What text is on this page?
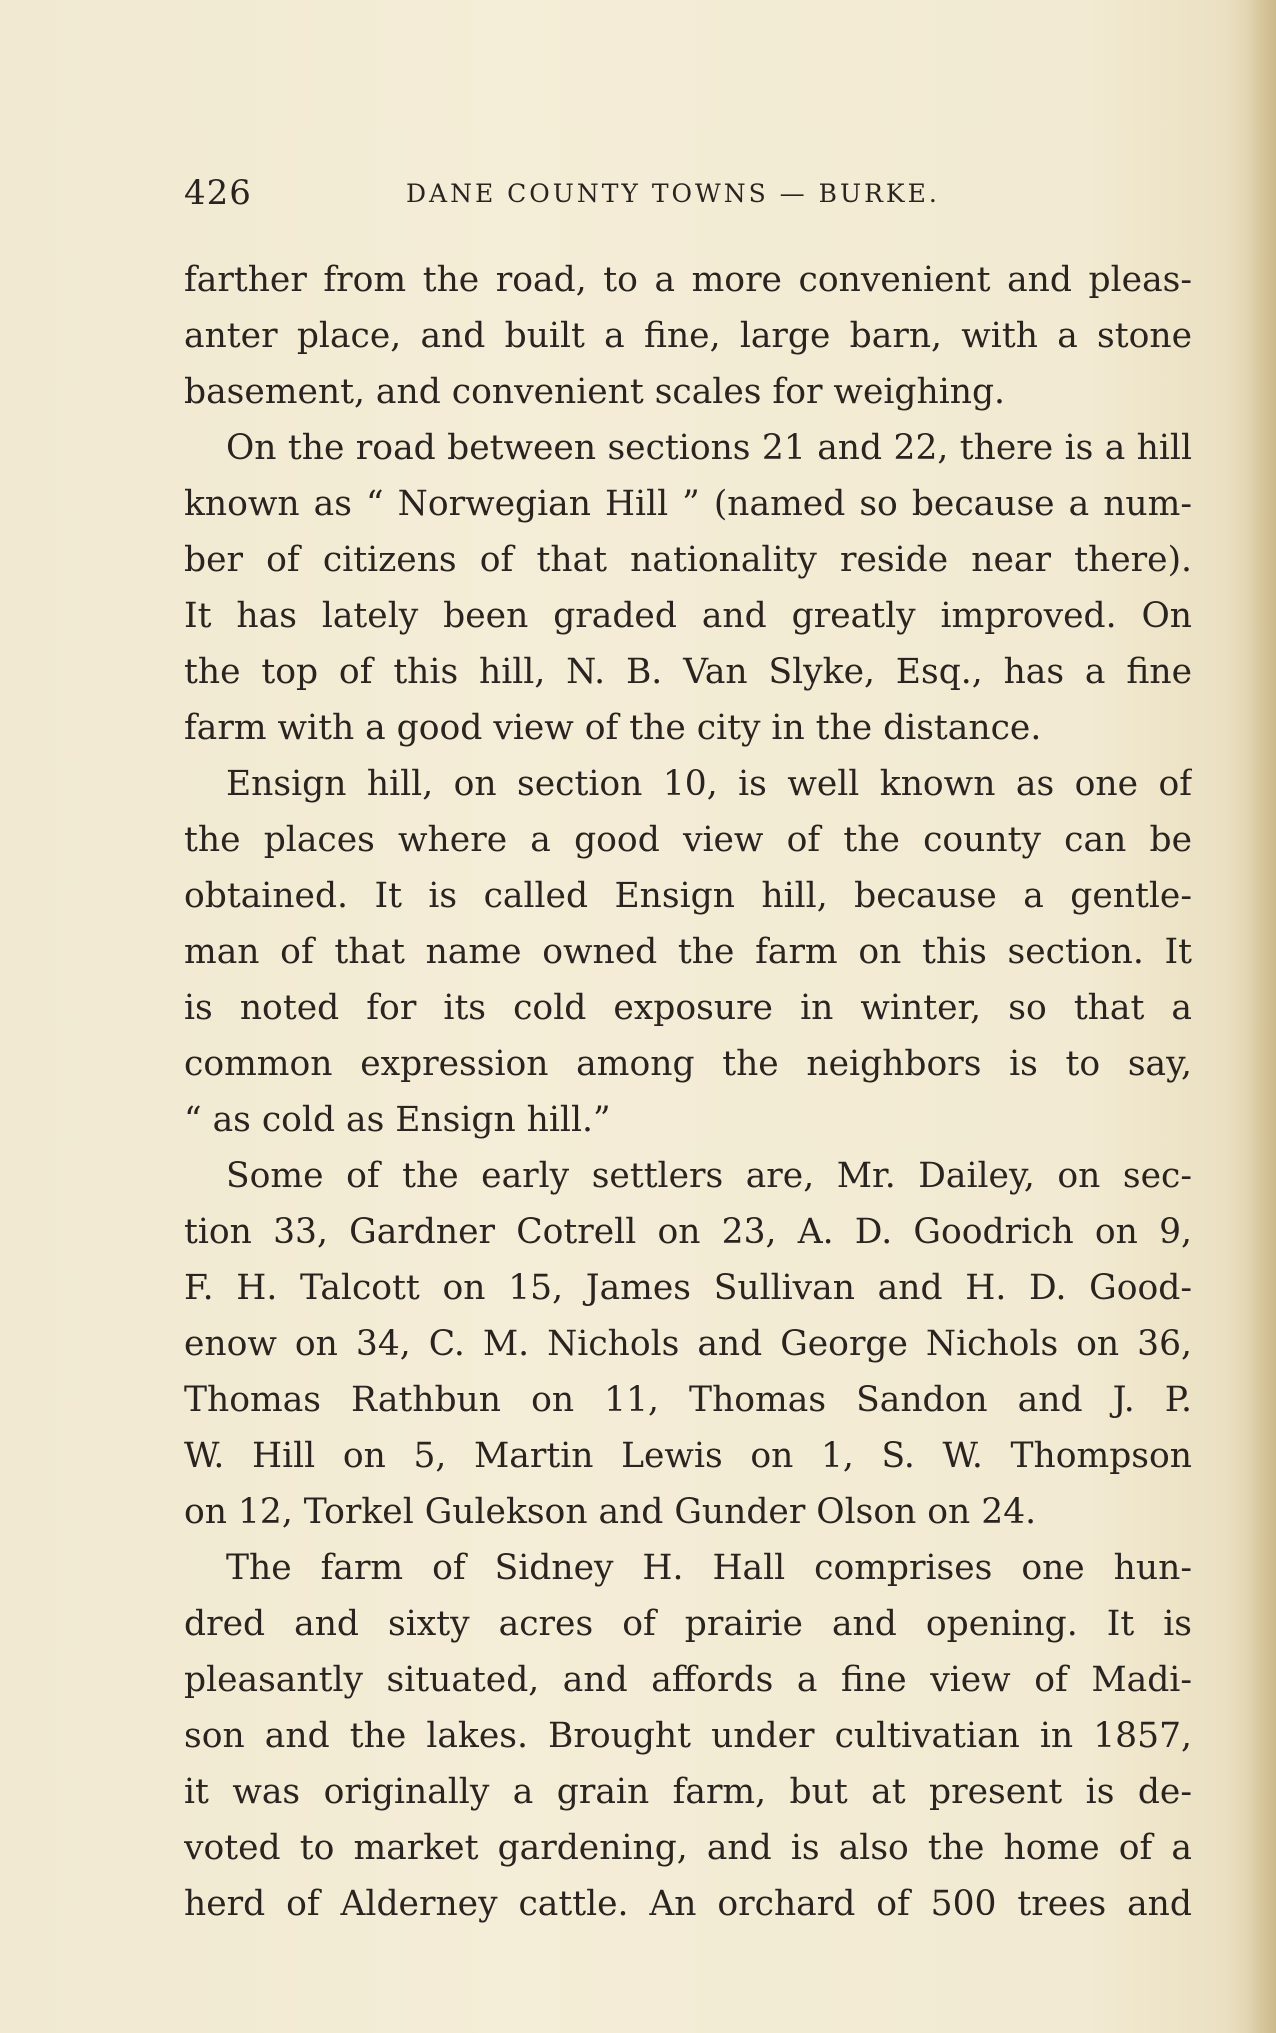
426	DANE COUNTY TOWNS — BURKE.
farther from the road, to a more convenient and pleas-
anter place, and built a fine, large barn, with a stone
basement, and convenient scales for weighing.
On the road between sections 21 and 22, there is a hill
known as “ Norwegian Hill ” (named so because a num-
ber of citizens of that nationality reside near there).
It has lately been graded and greatly improved. On
the top of this hill, N. B. Van Slyke, Esq., has a fine
farm with a good view of the city in the distance.
Ensign hill, on section 10, is well known as one of
the places where a good view of the county can be
obtained. It is called Ensign hill, because a gentle-
man of that name owned the farm on this section. It
is noted for its cold exposure in winter, so that a
common expression among the neighbors is to say,
“ as cold as Ensign hill.”
Some of the early settlers are, Mr. Dailey, on sec-
tion 33, Gardner Cotrell on 23, A. D. Goodrich on 9,
F. H. Talcott on 15, James Sullivan and H. D. Good-
enow on 34, C. M. Nichols and George Nichols on 36,
Thomas Rathbun on 11, Thomas Sandon and J. P.
W. Hill on 5, Martin Lewis on 1, S. W. Thompson
on 12, Torkel Gulekson and Gunder Olson on 24.
The farm of Sidney H. Hall comprises one hun-
dred and sixty acres of prairie and opening. It is
pleasantly situated, and affords a fine view of Madi-
son and the lakes. Brought under cultivatian in 1857,
it was originally a grain farm, but at present is de-
voted to market gardening, and is also the home of a
herd of Alderney cattle. An orchard of 500 trees and
